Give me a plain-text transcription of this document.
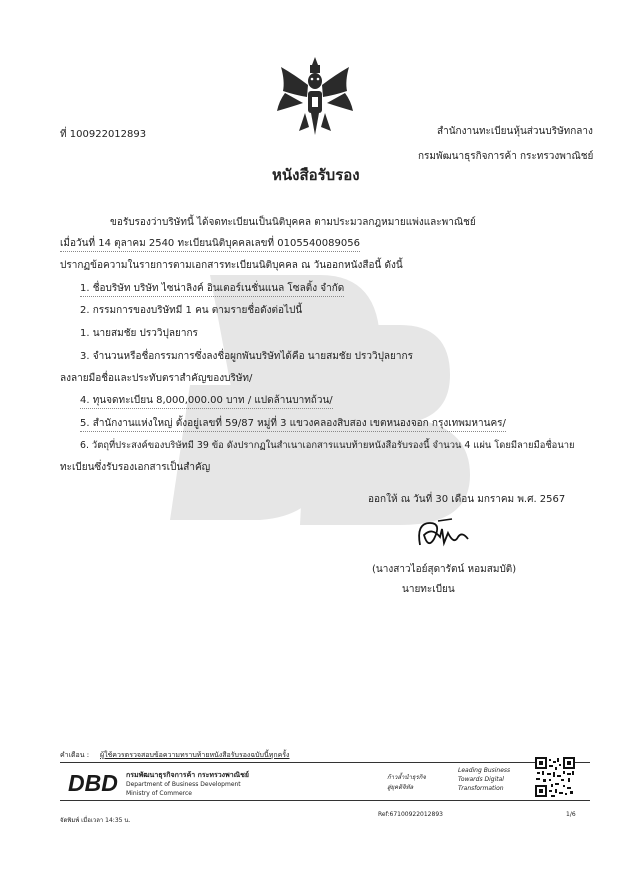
ที่ 100922012893	สำนักงานทะเบียนหุ้นส่วนบริษัทกลาง
กรมพัฒนาธุรกิจการค้า กระทรวงพาณิชย์
หนังสือรับรอง
ขอรับรองว่าบริษัทนี้ ได้จดทะเบียนเป็นนิติบุคคล ตามประมวลกฎหมายแพ่งและพาณิชย์
เมื่อวันที่ 14 ตุลาคม 2540 ทะเบียนนิติบุคคลเลขที่ 0105540089056
ปรากฏข้อความในรายการตามเอกสารทะเบียนนิติบุคคล ณ วันออกหนังสือนี้ ดังนี้
1. ชื่อบริษัท บริษัท ไซน่าลิงค์ อินเตอร์เนชั่นแนล โซลติ้ง จำกัด
2. กรรมการของบริษัทมี 1 คน ตามรายชื่อดังต่อไปนี้
1. นายสมชัย ปรววิปุลยากร
3. จำนวนหรือชื่อกรรมการซึ่งลงชื่อผูกพันบริษัทได้คือ นายสมชัย ปรววิปุลยากร
ลงลายมือชื่อและประทับตราสำคัญของบริษัท/
4. ทุนจดทะเบียน 8,000,000.00 บาท / แปดล้านบาทถ้วน/
5. สำนักงานแห่งใหญ่ ตั้งอยู่เลขที่ 59/87 หมู่ที่ 3 แขวงคลองสิบสอง เขตหนองจอก กรุงเทพมหานคร/
6. วัตถุที่ประสงค์ของบริษัทมี 39 ข้อ ดังปรากฏในสำเนาเอกสารแนบท้ายหนังสือรับรองนี้ จำนวน 4 แผ่น โดยมีลายมือชื่อนาย
ทะเบียนซึ่งรับรองเอกสารเป็นสำคัญ
ออกให้ ณ วันที่ 30 เดือน มกราคม พ.ศ. 2567
(นางสาวไอย์สุดารัตน์ หอมสมบัติ)
นายทะเบียน
คำเตือน : ผู้ใช้ควรตรวจสอบข้อความทราบท้ายหนังสือรับรองฉบับนี้ทุกครั้ง
DBD กรมพัฒนาธุรกิจการค้า กระทรวงพาณิชย์
Department of Business Development
Ministry of Commerce
ก้าวล้ำนำธุรกิจ
สู่ยุคดิจิทัล
Leading Business
Towards Digital
Transformation
จัดพิมพ์ เมื่อเวลา 14:35 น.
Ref:67100922012893	1/6
